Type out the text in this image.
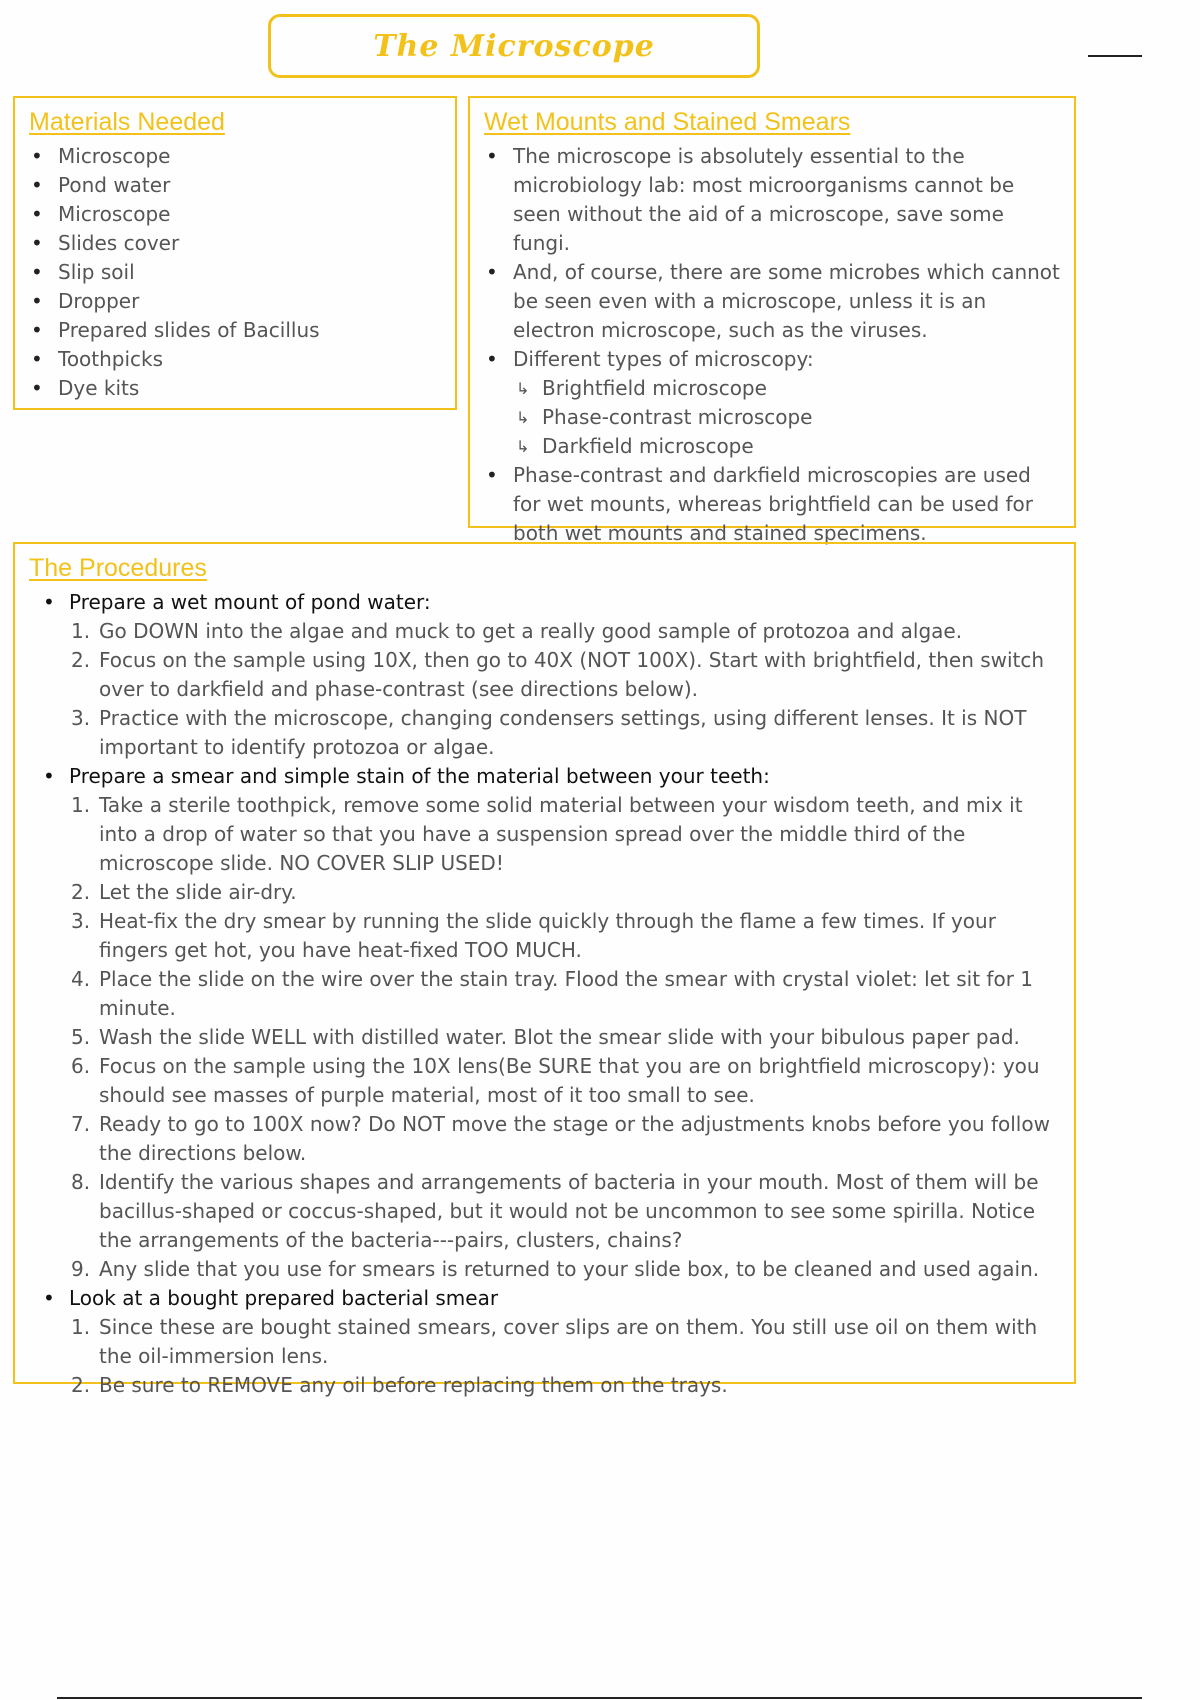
The Microscope
Materials Needed
• Microscope
• Pond water
• Microscope
• Slides cover
• Slip soil
• Dropper
• Prepared slides of Bacillus
• Toothpicks
• Dye kits
Wet Mounts and Stained Smears
• The microscope is absolutely essential to the microbiology lab: most microorganisms cannot be seen without the aid of a microscope, save some fungi.
• And, of course, there are some microbes which cannot be seen even with a microscope, unless it is an electron microscope, such as the viruses.
• Different types of microscopy:
↳ Brightfield microscope
↳ Phase-contrast microscope
↳ Darkfield microscope
• Phase-contrast and darkfield microscopies are used for wet mounts, whereas brightfield can be used for both wet mounts and stained specimens.
The Procedures
• Prepare a wet mount of pond water:
1. Go DOWN into the algae and muck to get a really good sample of protozoa and algae.
2. Focus on the sample using 10X, then go to 40X (NOT 100X). Start with brightfield, then switch over to darkfield and phase-contrast (see directions below).
3. Practice with the microscope, changing condensers settings, using different lenses. It is NOT important to identify protozoa or algae.
• Prepare a smear and simple stain of the material between your teeth:
1. Take a sterile toothpick, remove some solid material between your wisdom teeth, and mix it into a drop of water so that you have a suspension spread over the middle third of the microscope slide. NO COVER SLIP USED!
2. Let the slide air-dry.
3. Heat-fix the dry smear by running the slide quickly through the flame a few times. If your fingers get hot, you have heat-fixed TOO MUCH.
4. Place the slide on the wire over the stain tray. Flood the smear with crystal violet: let sit for 1 minute.
5. Wash the slide WELL with distilled water. Blot the smear slide with your bibulous paper pad.
6. Focus on the sample using the 10X lens(Be SURE that you are on brightfield microscopy): you should see masses of purple material, most of it too small to see.
7. Ready to go to 100X now? Do NOT move the stage or the adjustments knobs before you follow the directions below.
8. Identify the various shapes and arrangements of bacteria in your mouth. Most of them will be bacillus-shaped or coccus-shaped, but it would not be uncommon to see some spirilla. Notice the arrangements of the bacteria---pairs, clusters, chains?
9. Any slide that you use for smears is returned to your slide box, to be cleaned and used again.
• Look at a bought prepared bacterial smear
1. Since these are bought stained smears, cover slips are on them. You still use oil on them with the oil-immersion lens.
2. Be sure to REMOVE any oil before replacing them on the trays.
